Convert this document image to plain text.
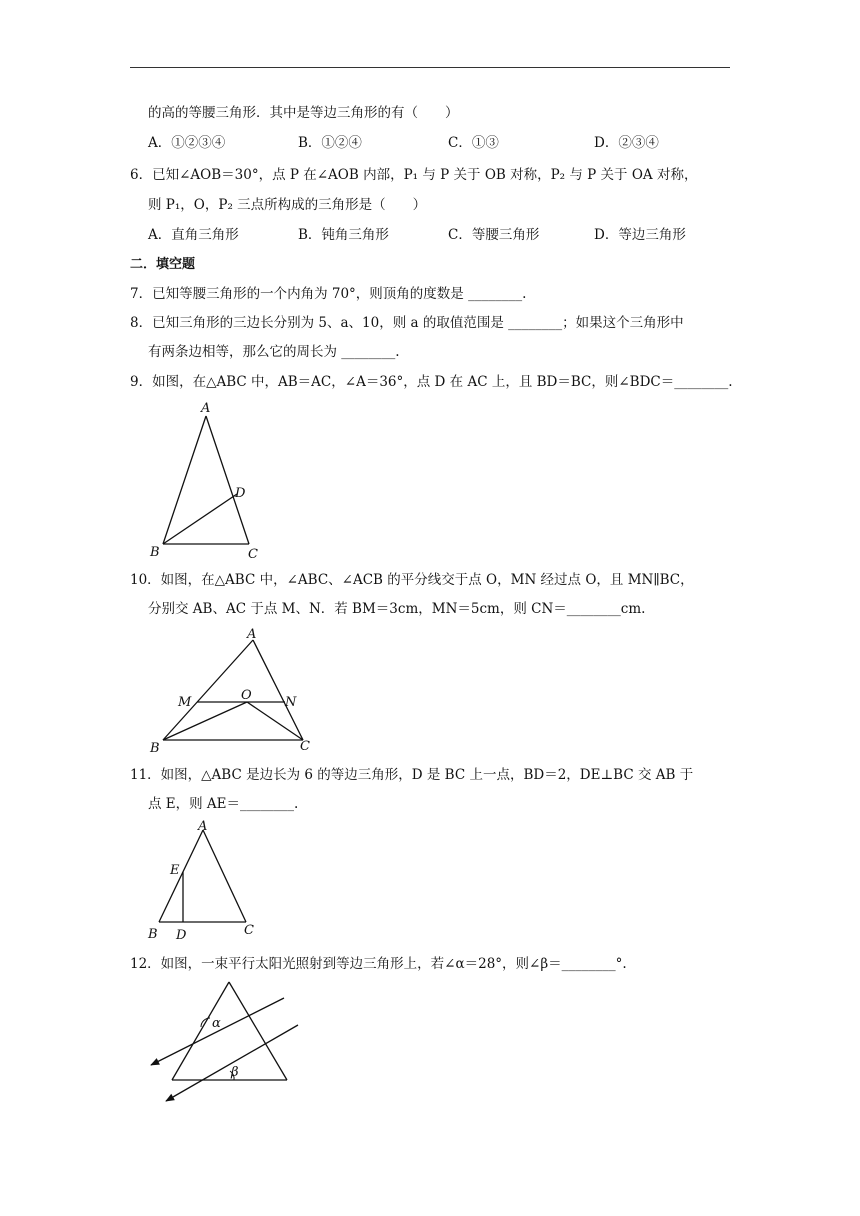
的高的等腰三角形．其中是等边三角形的有（　　）
A．①②③④	B．①②④	C．①③	D．②③④
6．已知∠AOB＝30°，点 P 在∠AOB 内部，P₁ 与 P 关于 OB 对称，P₂ 与 P 关于 OA 对称，
则 P₁，O，P₂ 三点所构成的三角形是（　　）
A．直角三角形	B．钝角三角形	C．等腰三角形	D．等边三角形
二．填空题
7．已知等腰三角形的一个内角为 70°，则顶角的度数是 ________.
8．已知三角形的三边长分别为 5、a、10，则 a 的取值范围是 ________；如果这个三角形中
有两条边相等，那么它的周长为 ________.
9．如图，在△ABC 中，AB＝AC，∠A＝36°，点 D 在 AC 上，且 BD＝BC，则∠BDC＝________.
A
D
B	C
10．如图，在△ABC 中，∠ABC、∠ACB 的平分线交于点 O，MN 经过点 O，且 MN∥BC，
分别交 AB、AC 于点 M、N．若 BM＝3cm，MN＝5cm，则 CN＝________cm.
A
M	O	N
B	C
11．如图，△ABC 是边长为 6 的等边三角形，D 是 BC 上一点，BD＝2，DE⊥BC 交 AB 于
点 E，则 AE＝________.
A
E
B D	C
12．如图，一束平行太阳光照射到等边三角形上，若∠α＝28°，则∠β＝________°.
α
β
